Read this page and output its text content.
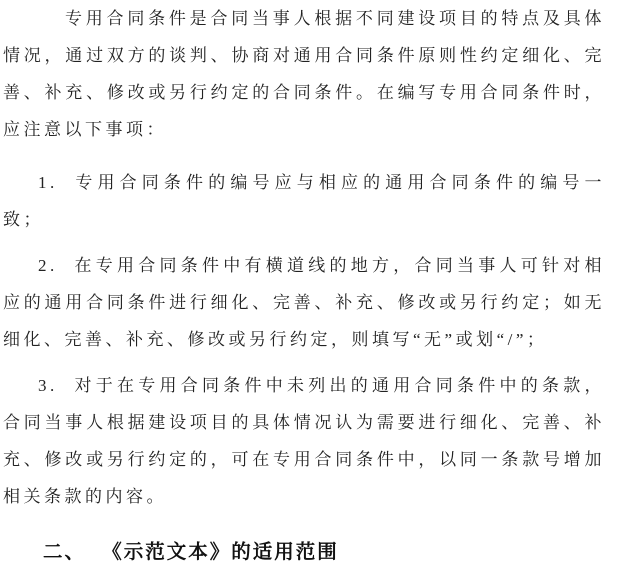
专用合同条件是合同当事人根据不同建设项目的特点及具体情况，通过双方的谈判、协商对通用合同条件原则性约定细化、完善、补充、修改或另行约定的合同条件。在编写专用合同条件时，应注意以下事项：

1. 专用合同条件的编号应与相应的通用合同条件的编号一致；

2. 在专用合同条件中有横道线的地方，合同当事人可针对相应的通用合同条件进行细化、完善、补充、修改或另行约定；如无细化、完善、补充、修改或另行约定，则填写“无”或划“/”；

3. 对于在专用合同条件中未列出的通用合同条件中的条款，合同当事人根据建设项目的具体情况认为需要进行细化、完善、补充、修改或另行约定的，可在专用合同条件中，以同一条款号增加相关条款的内容。

二、 《示范文本》的适用范围
